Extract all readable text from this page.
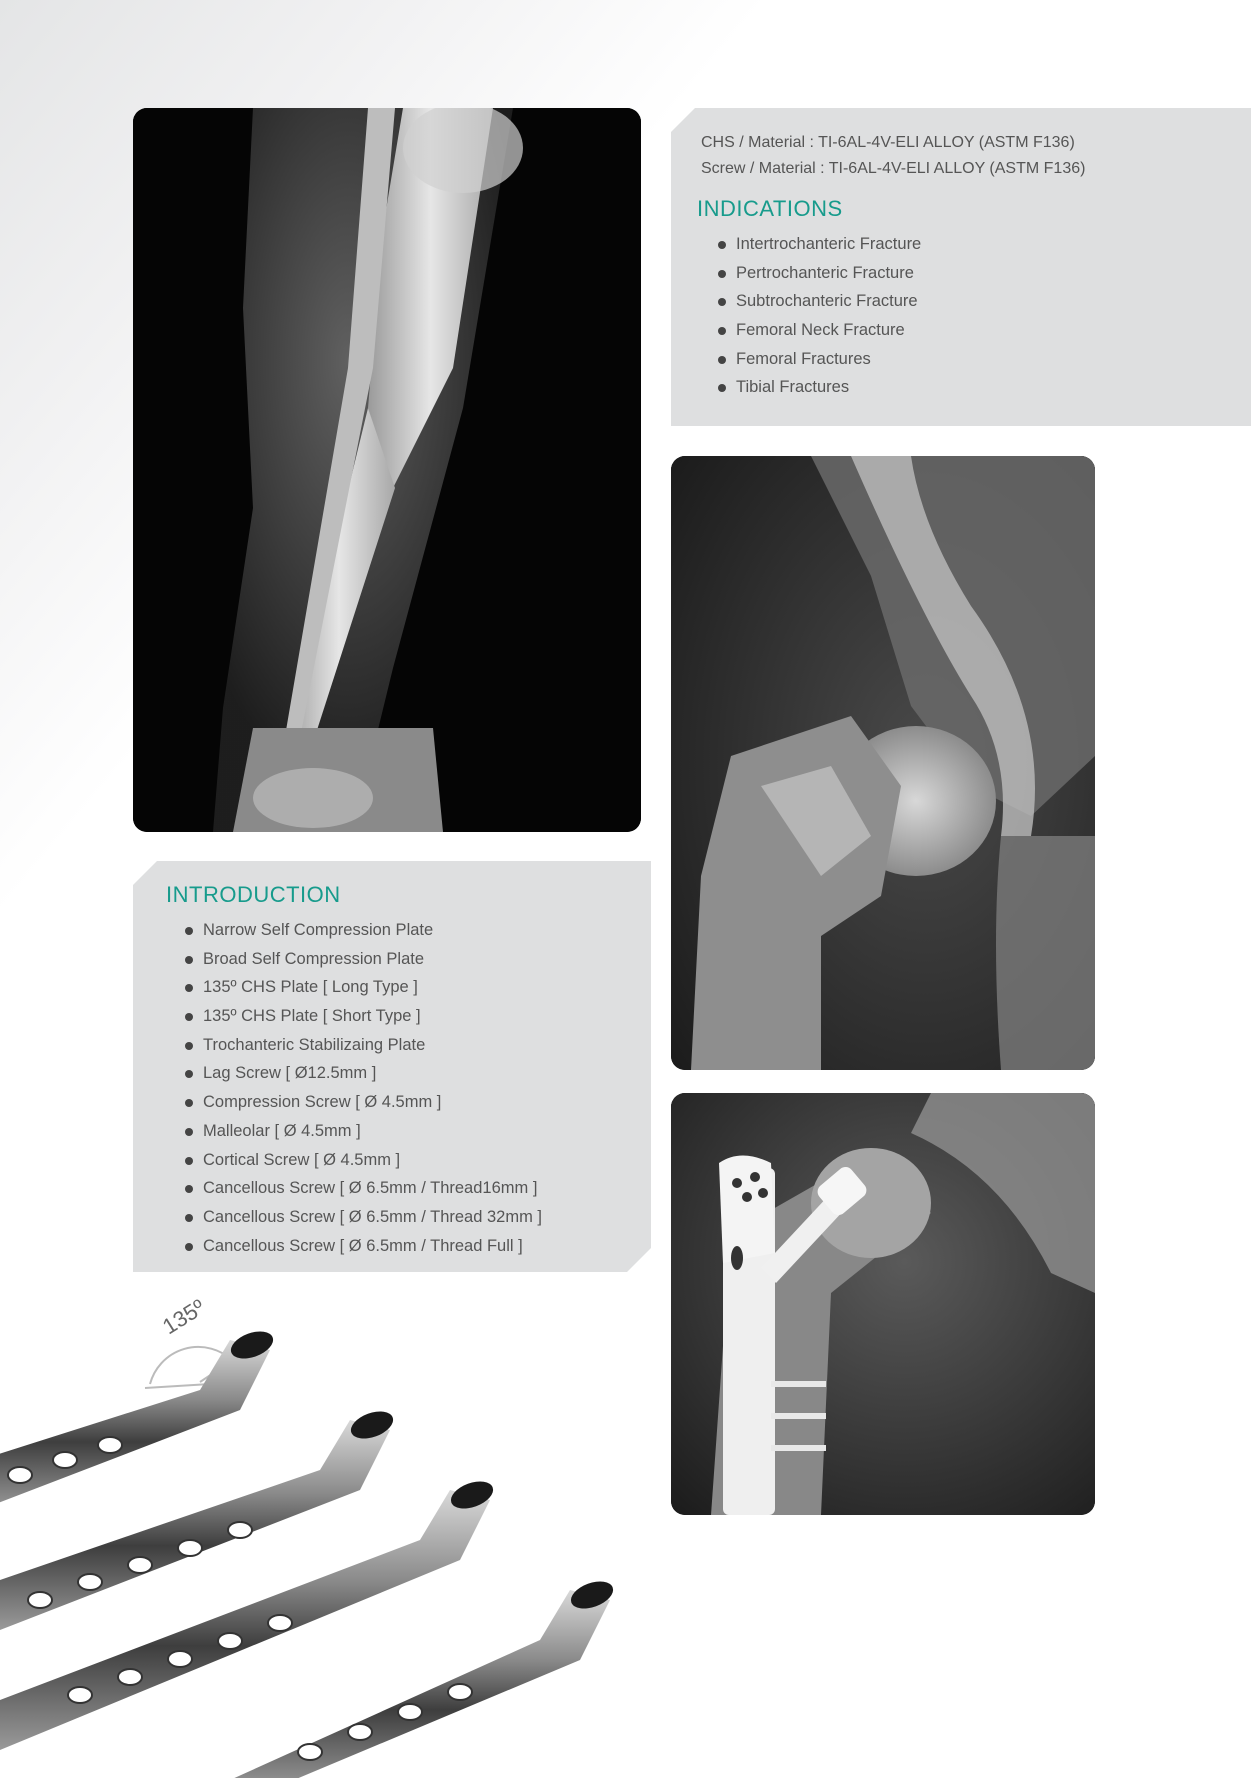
CHS / Material : TI-6AL-4V-ELI ALLOY (ASTM F136)

Screw / Material : TI-6AL-4V-ELI ALLOY (ASTM F136)

INDICATIONS
Intertrochanteric Fracture
Pertrochanteric Fracture
Subtrochanteric Fracture
Femoral Neck Fracture
Femoral Fractures
Tibial Fractures
INTRODUCTION
Narrow Self Compression Plate
Broad Self Compression Plate
135º CHS Plate [ Long Type ]
135º CHS Plate [ Short Type ]
Trochanteric Stabilizaing Plate
Lag Screw [ Ø12.5mm ]
Compression Screw [ Ø 4.5mm ]
Malleolar [ Ø 4.5mm ]
Cortical Screw [ Ø 4.5mm ]
Cancellous Screw [ Ø 6.5mm / Thread16mm ]
Cancellous Screw [ Ø 6.5mm / Thread 32mm ]
Cancellous Screw [ Ø 6.5mm / Thread Full ]
135º
